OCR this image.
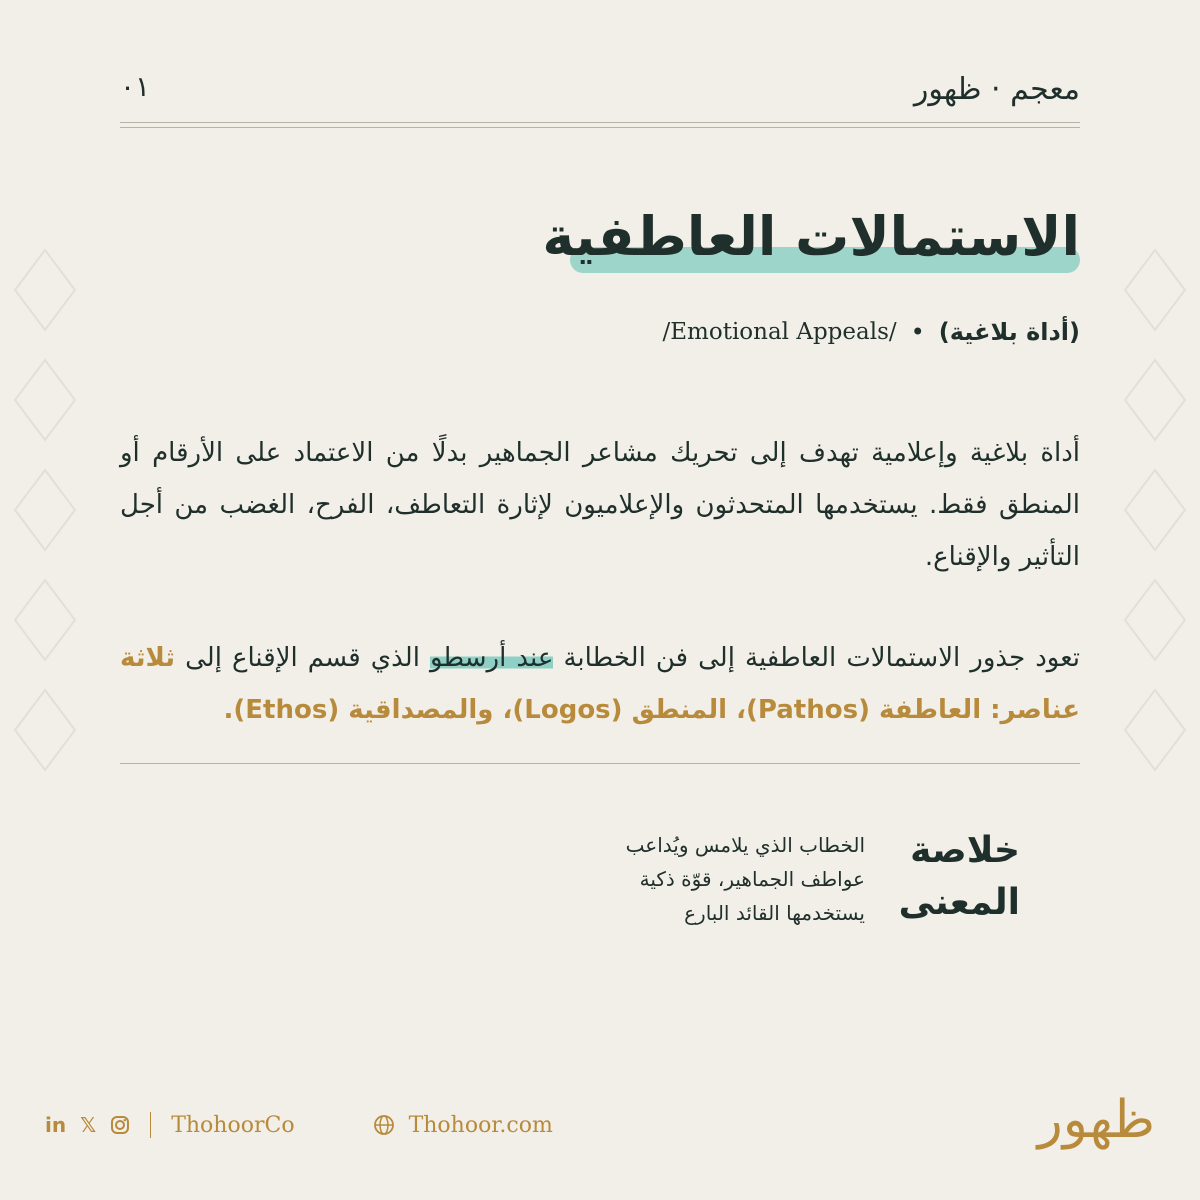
معجم · ظهور
٠١
الاستمالات العاطفية
(أداة بلاغية)
•
/Emotional Appeals/

أداة بلاغية وإعلامية تهدف إلى تحريك مشاعر الجماهير بدلًا من الاعتماد على الأرقام أو المنطق فقط. يستخدمها المتحدثون والإعلاميون لإثارة التعاطف، الفرح، الغضب من أجل التأثير والإقناع.

تعود جذور الاستمالات العاطفية إلى فن الخطابة عند أرسطو الذي قسم الإقناع إلى ثلاثة عناصر: العاطفة (Pathos)، المنطق (Logos)، والمصداقية (Ethos).

خلاصة
المعنى
الخطاب الذي يلامس ويُداعب
عواطف الجماهير، قوّة ذكية
يستخدمها القائد البارع
in 𝕏	ThohoorCo	Thohoor.com	ظهور
